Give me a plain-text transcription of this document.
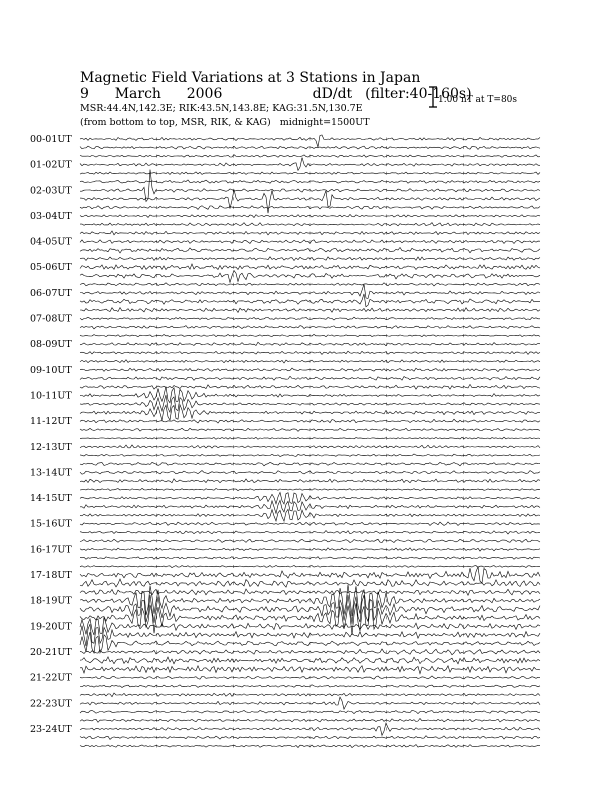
Magnetic Field Variations at 3 Stations in Japan
9    March    2006              dD/dt  (filter:40-160s)
MSR:44.4N,142.3E; RIK:43.5N,143.8E; KAG:31.5N,130.7E
(from bottom to top, MSR, RIK, & KAG)   midnight=1500UT
1.00 nT at T=80s
00-01UT
01-02UT
02-03UT
03-04UT
04-05UT
05-06UT
06-07UT
07-08UT
08-09UT
09-10UT
10-11UT
11-12UT
12-13UT
13-14UT
14-15UT
15-16UT
16-17UT
17-18UT
18-19UT
19-20UT
20-21UT
21-22UT
22-23UT
23-24UT
